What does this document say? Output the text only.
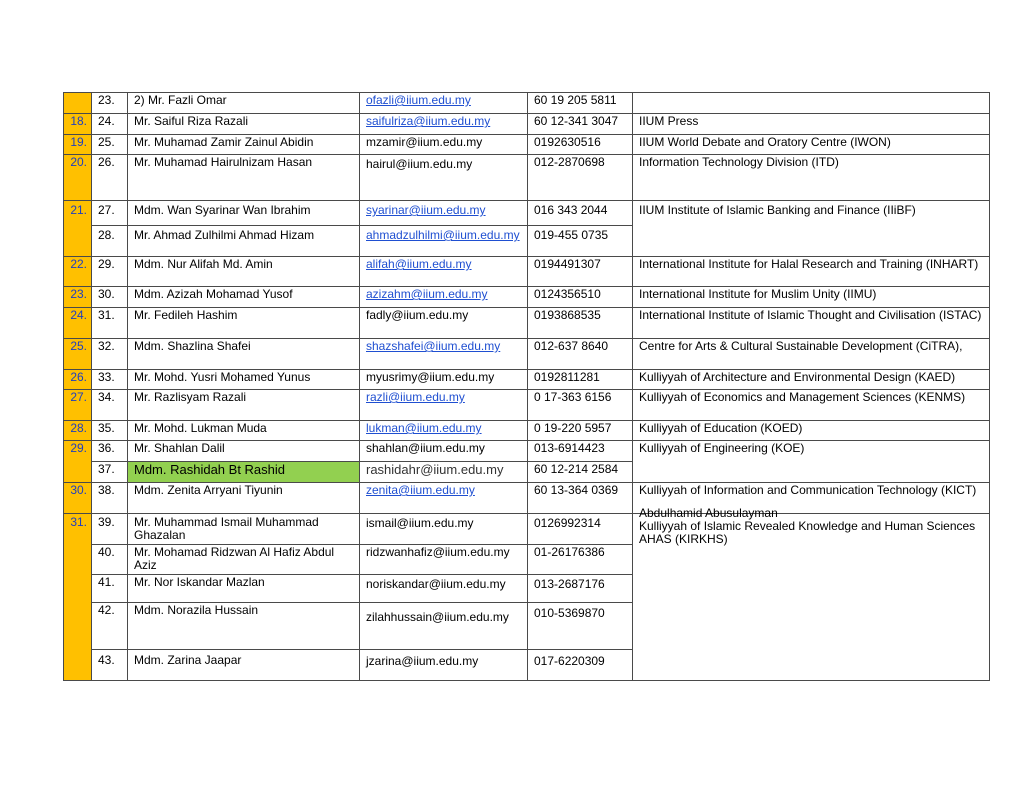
	23.	2) Mr. Fazli Omar	ofazli@iium.edu.my	60 19 205 5811	
18.	24.	Mr. Saiful Riza Razali	saifulriza@iium.edu.my	60 12-341 3047	IIUM Press
19.	25.	Mr. Muhamad Zamir Zainul Abidin	mzamir@iium.edu.my	0192630516	IIUM World Debate and Oratory Centre (IWON)
20.	26.	Mr. Muhamad Hairulnizam Hasan	hairul@iium.edu.my	012-2870698	Information Technology Division (ITD)
21.	27.	Mdm. Wan Syarinar Wan Ibrahim	syarinar@iium.edu.my	016 343 2044	IIUM Institute of Islamic Banking and Finance (IIiBF)
	28.	Mr. Ahmad Zulhilmi Ahmad Hizam	ahmadzulhilmi@iium.edu.my	019-455 0735	
22.	29.	Mdm. Nur Alifah Md. Amin	alifah@iium.edu.my	0194491307	International Institute for Halal Research and Training (INHART)
23.	30.	Mdm. Azizah Mohamad Yusof	azizahm@iium.edu.my	0124356510	International Institute for Muslim Unity (IIMU)
24.	31.	Mr. Fedileh Hashim	fadly@iium.edu.my	0193868535	International Institute of Islamic Thought and Civilisation (ISTAC)
25.	32.	Mdm. Shazlina Shafei	shazshafei@iium.edu.my	012-637 8640	Centre for Arts & Cultural Sustainable Development (CiTRA),
26.	33.	Mr. Mohd. Yusri Mohamed Yunus	myusrimy@iium.edu.my	0192811281	Kulliyyah of Architecture and Environmental Design (KAED)
27.	34.	Mr. Razlisyam Razali	razli@iium.edu.my	0 17-363 6156	Kulliyyah of Economics and Management Sciences (KENMS)
28.	35.	Mr. Mohd. Lukman Muda	lukman@iium.edu.my	0 19-220 5957	Kulliyyah of Education (KOED)
29.	36.	Mr. Shahlan Dalil	shahlan@iium.edu.my	013-6914423	Kulliyyah of Engineering (KOE)
	37.	Mdm. Rashidah Bt Rashid	rashidahr@iium.edu.my	60 12-214 2584	
30.	38.	Mdm. Zenita Arryani Tiyunin	zenita@iium.edu.my	60 13-364 0369	Kulliyyah of Information and Communication Technology (KICT)
31.	39.	Mr. Muhammad Ismail Muhammad Ghazalan	ismail@iium.edu.my	0126992314	Abdulhamid Abusulayman
Kulliyyah of Islamic Revealed Knowledge and Human Sciences AHAS (KIRKHS)

	40.	Mr. Mohamad Ridzwan Al Hafiz Abdul Aziz	ridzwanhafiz@iium.edu.my	01-26176386	
	41.	Mr. Nor Iskandar Mazlan	noriskandar@iium.edu.my	013-2687176	
	42.	Mdm. Norazila Hussain	zilahhussain@iium.edu.my	010-5369870	
	43.	Mdm. Zarina Jaapar	jzarina@iium.edu.my	017-6220309	
